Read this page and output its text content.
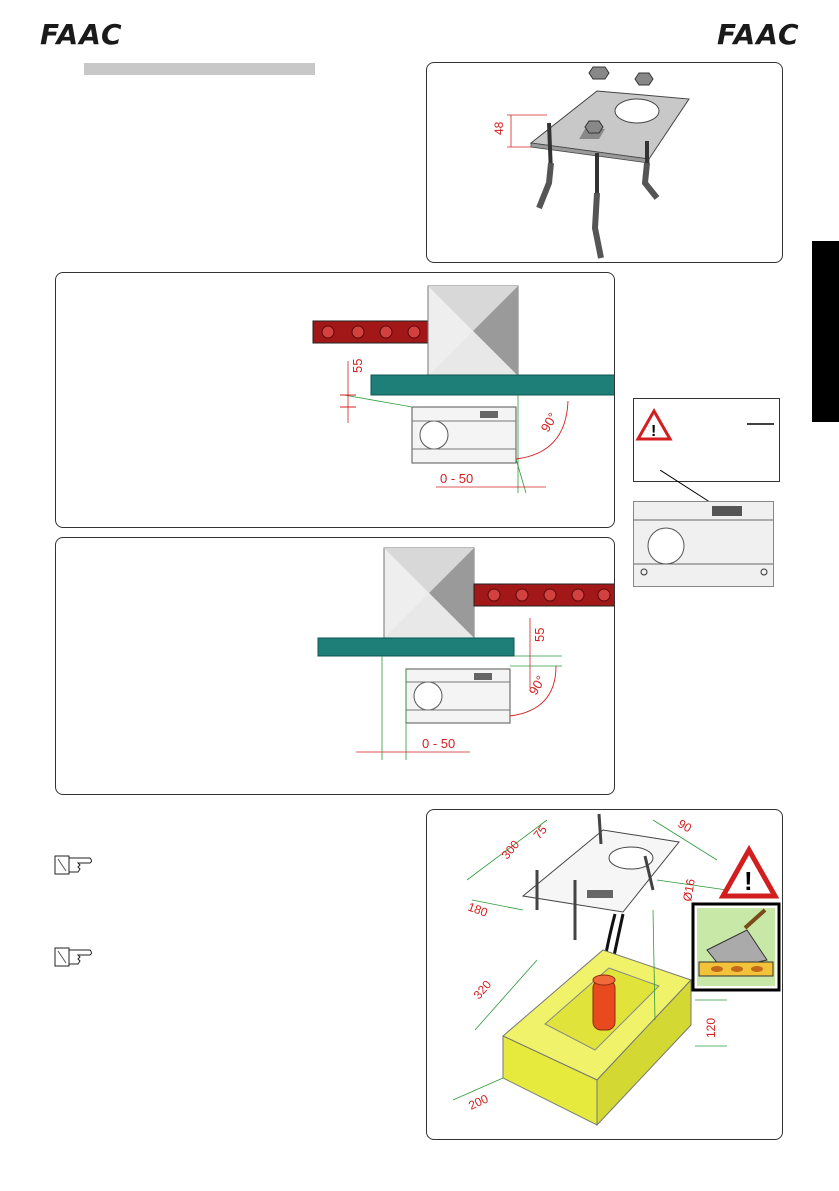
FAAC	FAAC
48
55
90°
0 - 50
!
0 - 50
55
90°
300
75	90
180
Ø16
320
120
200
!
